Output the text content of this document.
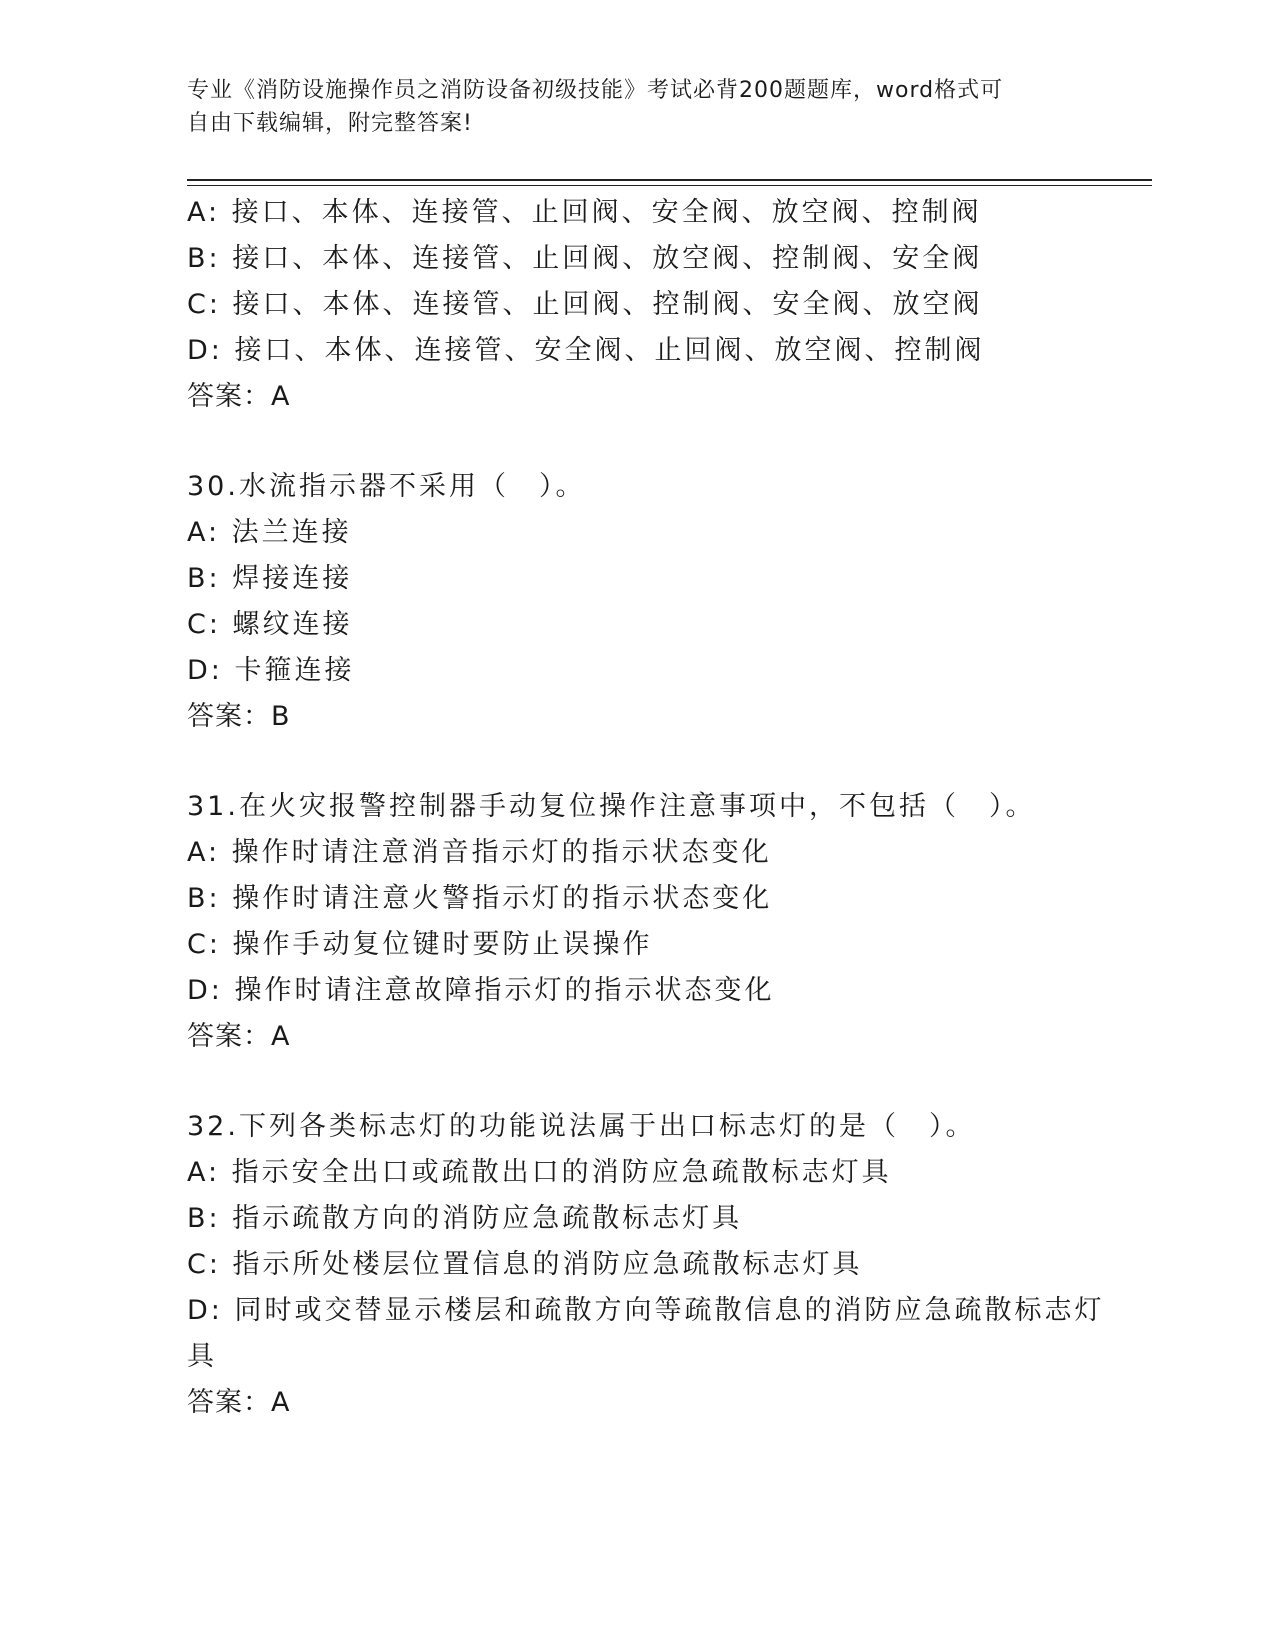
专业《消防设施操作员之消防设备初级技能》考试必背200题题库，word格式可
自由下载编辑，附完整答案!
A: 接口、本体、连接管、止回阀、安全阀、放空阀、控制阀
B: 接口、本体、连接管、止回阀、放空阀、控制阀、安全阀
C: 接口、本体、连接管、止回阀、控制阀、安全阀、放空阀
D: 接口、本体、连接管、安全阀、止回阀、放空阀、控制阀
答案：A
30.水流指示器不采用（　）。
A: 法兰连接
B: 焊接连接
C: 螺纹连接
D: 卡箍连接
答案：B
31.在火灾报警控制器手动复位操作注意事项中，不包括（　）。
A: 操作时请注意消音指示灯的指示状态变化
B: 操作时请注意火警指示灯的指示状态变化
C: 操作手动复位键时要防止误操作
D: 操作时请注意故障指示灯的指示状态变化
答案：A
32.下列各类标志灯的功能说法属于出口标志灯的是（　）。
A: 指示安全出口或疏散出口的消防应急疏散标志灯具
B: 指示疏散方向的消防应急疏散标志灯具
C: 指示所处楼层位置信息的消防应急疏散标志灯具
D: 同时或交替显示楼层和疏散方向等疏散信息的消防应急疏散标志灯
具
答案：A
